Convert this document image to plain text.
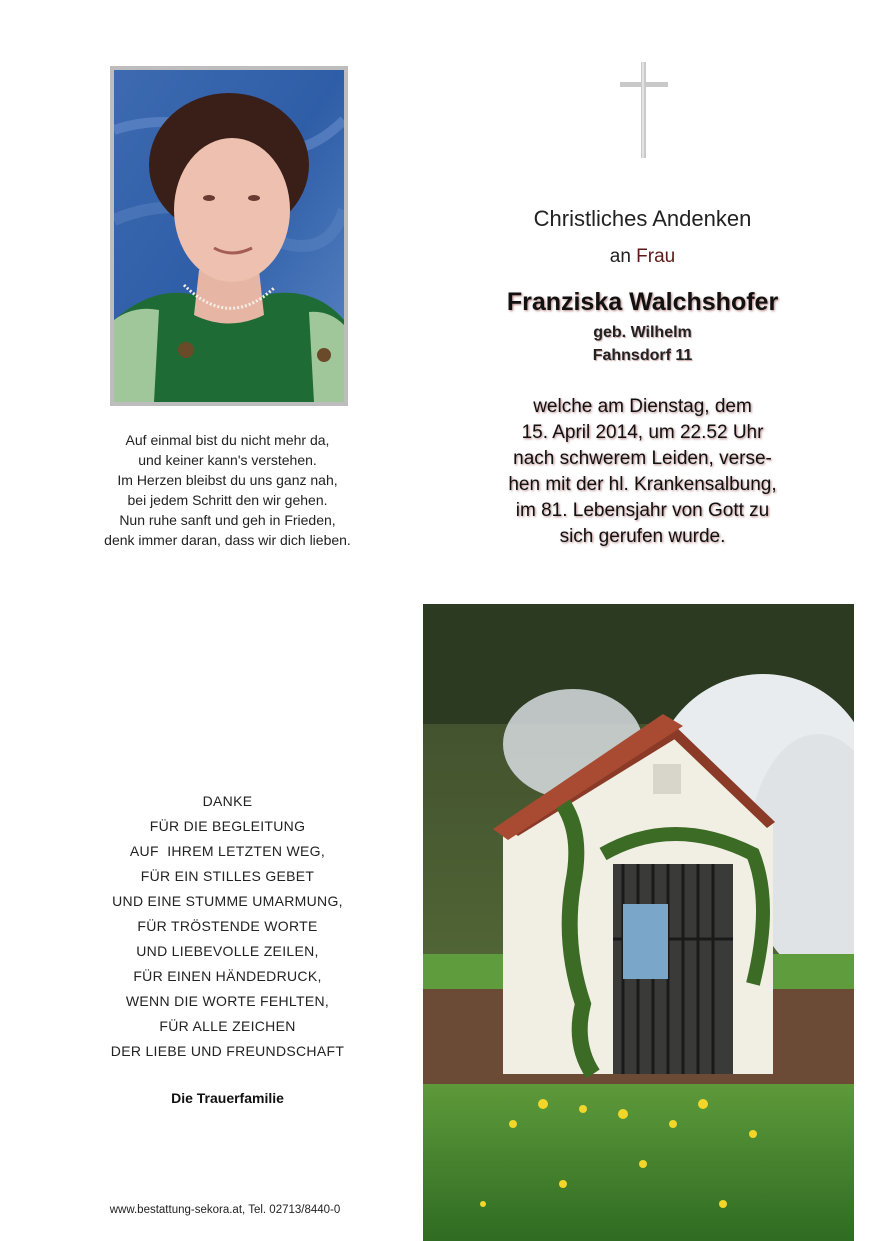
Christliches Andenken
an Frau
Franziska Walchshofer
geb. Wilhelm
Fahnsdorf 11
welche am Dienstag, dem
15. April 2014, um 22.52 Uhr
nach schwerem Leiden, verse-
hen mit der hl. Krankensalbung,
im 81. Lebensjahr von Gott zu
sich gerufen wurde.
Auf einmal bist du nicht mehr da,
und keiner kann's verstehen.
Im Herzen bleibst du uns ganz nah,
bei jedem Schritt den wir gehen.
Nun ruhe sanft und geh in Frieden,
denk immer daran, dass wir dich lieben.
DANKE
FÜR DIE BEGLEITUNG
AUF  IHREM LETZTEN WEG,
FÜR EIN STILLES GEBET
UND EINE STUMME UMARMUNG,
FÜR TRÖSTENDE WORTE
UND LIEBEVOLLE ZEILEN,
FÜR EINEN HÄNDEDRUCK,
WENN DIE WORTE FEHLTEN,
FÜR ALLE ZEICHEN
DER LIEBE UND FREUNDSCHAFT
Die Trauerfamilie
www.bestattung-sekora.at, Tel. 02713/8440-0
